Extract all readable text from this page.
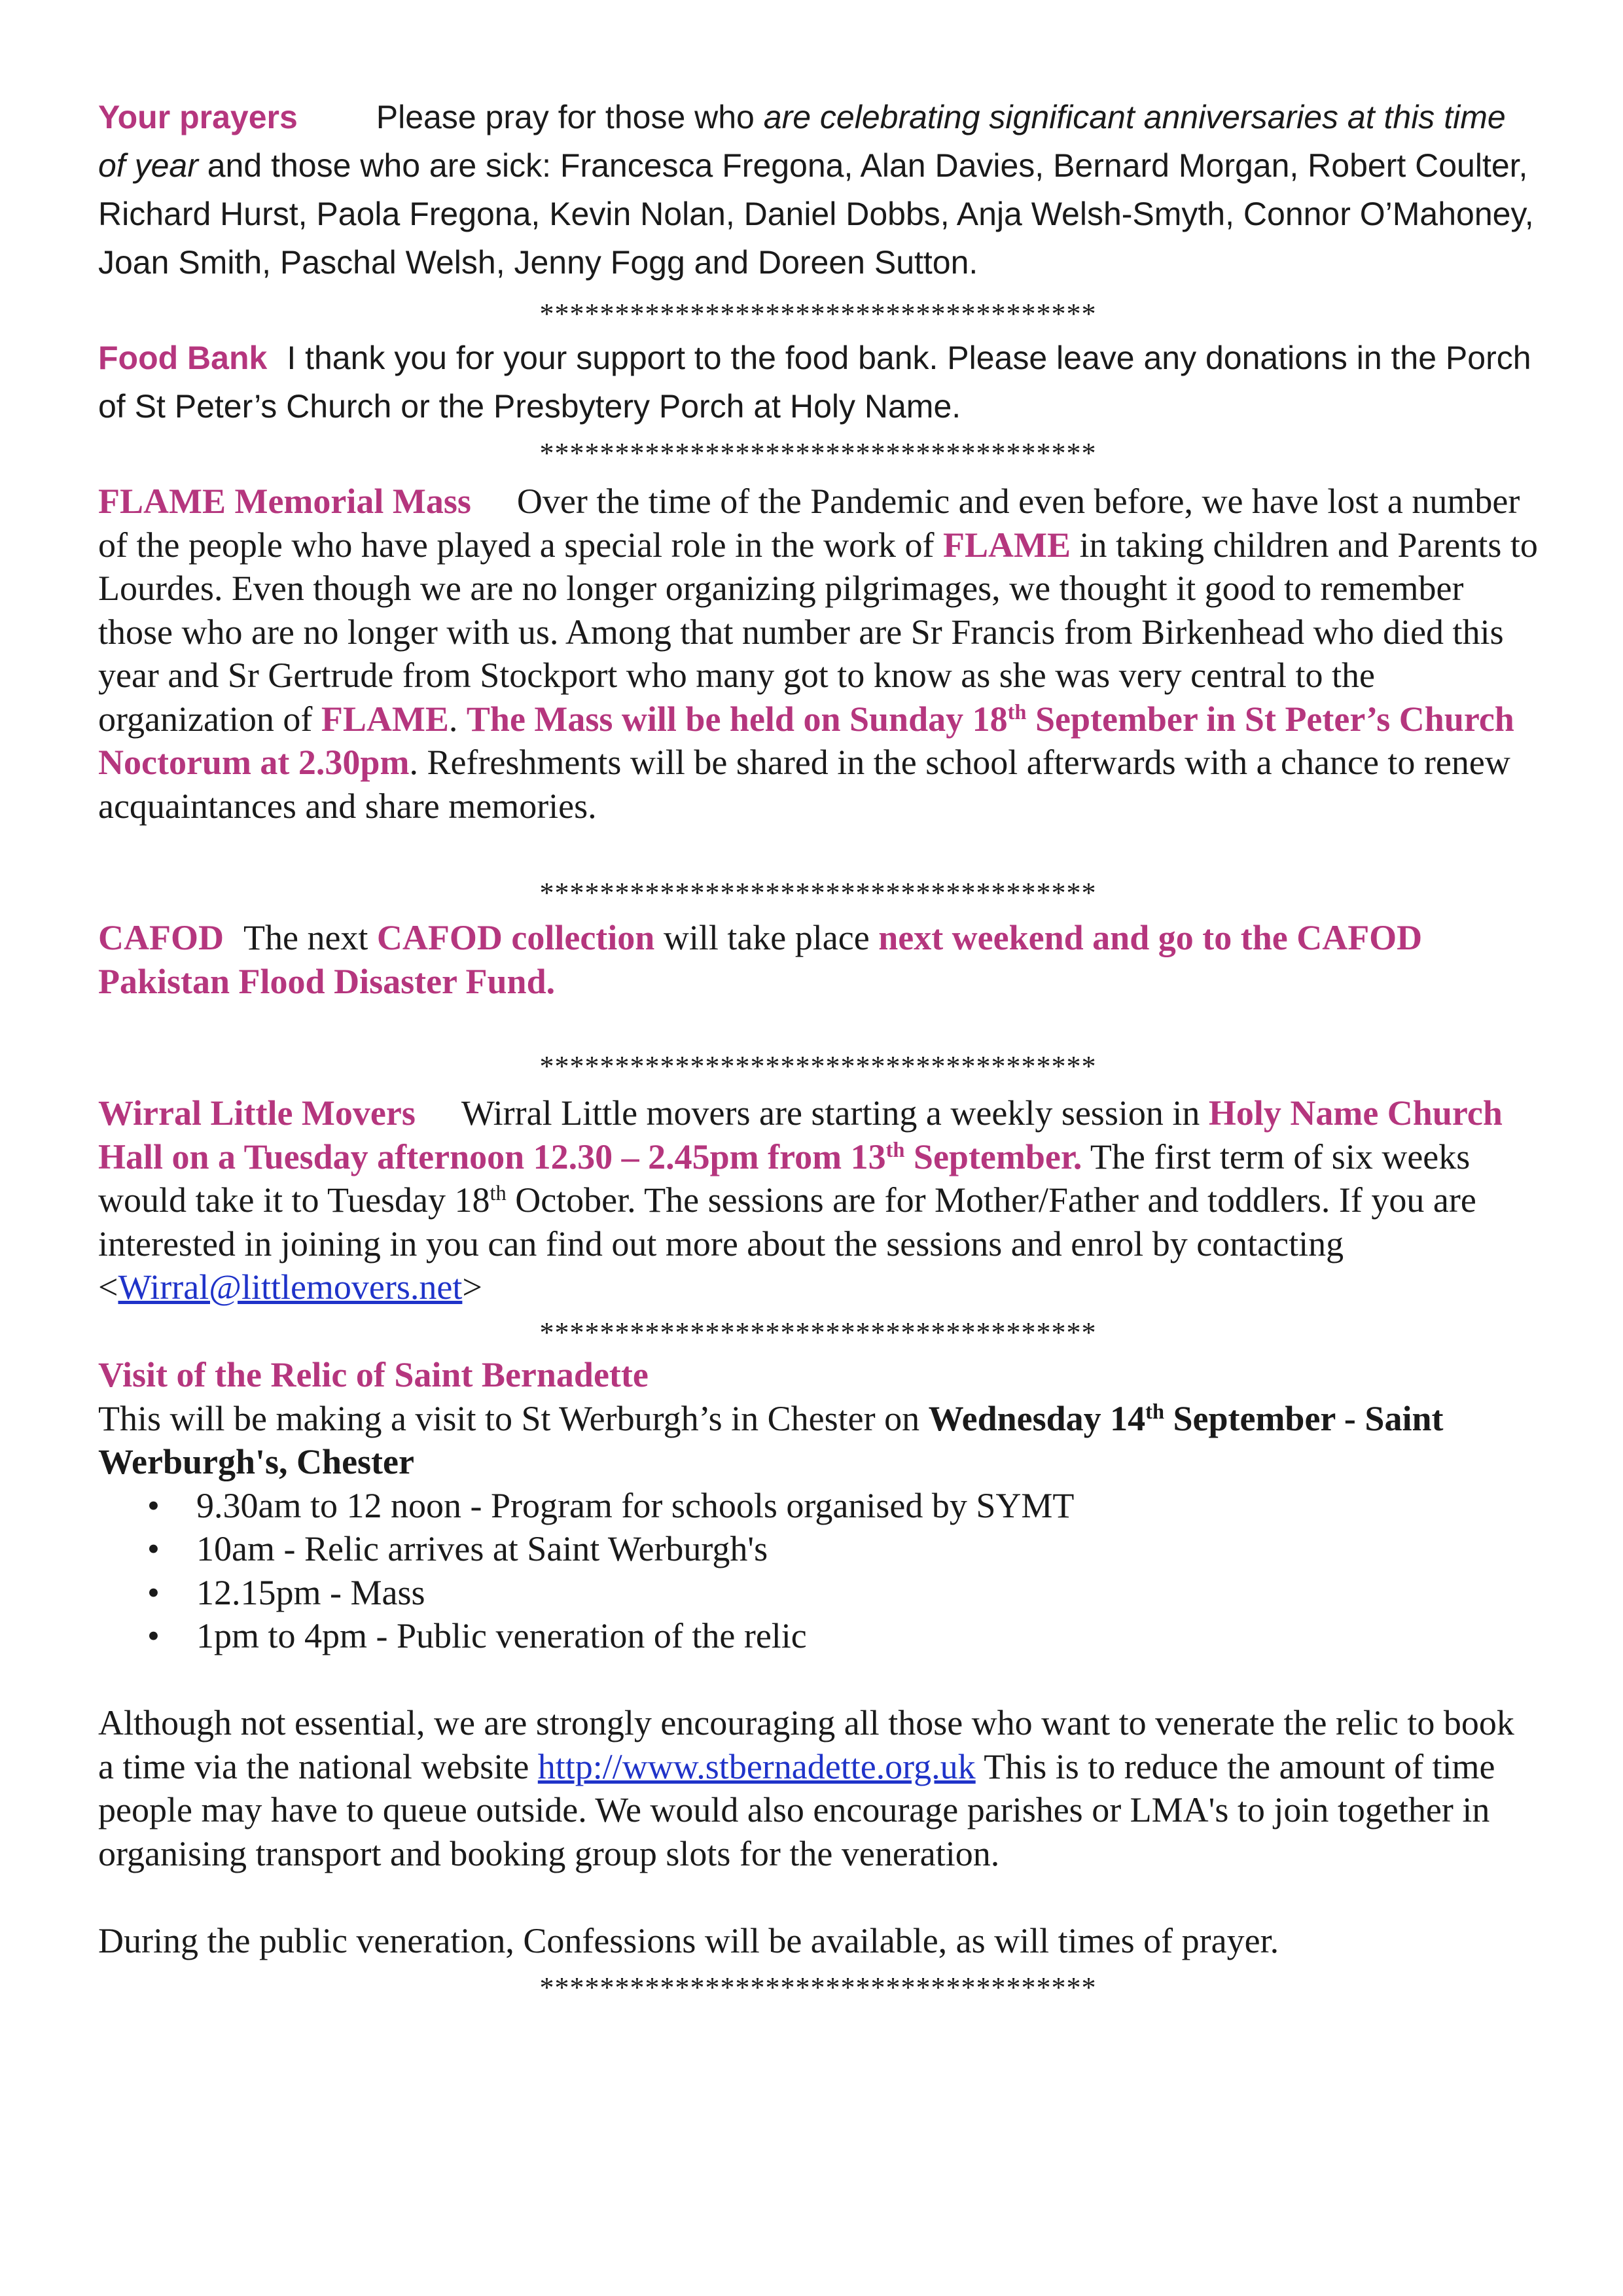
Your prayers Please pray for those who are celebrating significant anniversaries at this time of year and those who are sick: Francesca Fregona, Alan Davies, Bernard Morgan, Robert Coulter, Richard Hurst, Paola Fregona, Kevin Nolan, Daniel Dobbs, Anja Welsh-Smyth, Connor O’Mahoney, Joan Smith, Paschal Welsh, Jenny Fogg and Doreen Sutton.
*************************************
Food Bank I thank you for your support to the food bank. Please leave any donations in the Porch of St Peter’s Church or the Presbytery Porch at Holy Name.
*************************************
FLAME Memorial Mass Over the time of the Pandemic and even before, we have lost a number of the people who have played a special role in the work of FLAME in taking children and Parents to Lourdes. Even though we are no longer organizing pilgrimages, we thought it good to remember those who are no longer with us. Among that number are Sr Francis from Birkenhead who died this year and Sr Gertrude from Stockport who many got to know as she was very central to the organization of FLAME. The Mass will be held on Sunday 18th September in St Peter’s Church Noctorum at 2.30pm. Refreshments will be shared in the school afterwards with a chance to renew acquaintances and share memories.
*************************************
CAFOD The next CAFOD collection will take place next weekend and go to the CAFOD Pakistan Flood Disaster Fund.
*************************************
Wirral Little Movers Wirral Little movers are starting a weekly session in Holy Name Church Hall on a Tuesday afternoon 12.30 – 2.45pm from 13th September. The first term of six weeks would take it to Tuesday 18th October. The sessions are for Mother/Father and toddlers. If you are interested in joining in you can find out more about the sessions and enrol by contacting <Wirral@littlemovers.net>
*************************************
Visit of the Relic of Saint Bernadette
This will be making a visit to St Werburgh’s in Chester on Wednesday 14th September - Saint Werburgh's, Chester
• 9.30am to 12 noon - Program for schools organised by SYMT
• 10am - Relic arrives at Saint Werburgh's
• 12.15pm - Mass
• 1pm to 4pm - Public veneration of the relic
Although not essential, we are strongly encouraging all those who want to venerate the relic to book a time via the national website http://www.stbernadette.org.uk This is to reduce the amount of time people may have to queue outside. We would also encourage parishes or LMA's to join together in organising transport and booking group slots for the veneration.
During the public veneration, Confessions will be available, as will times of prayer.
*************************************
